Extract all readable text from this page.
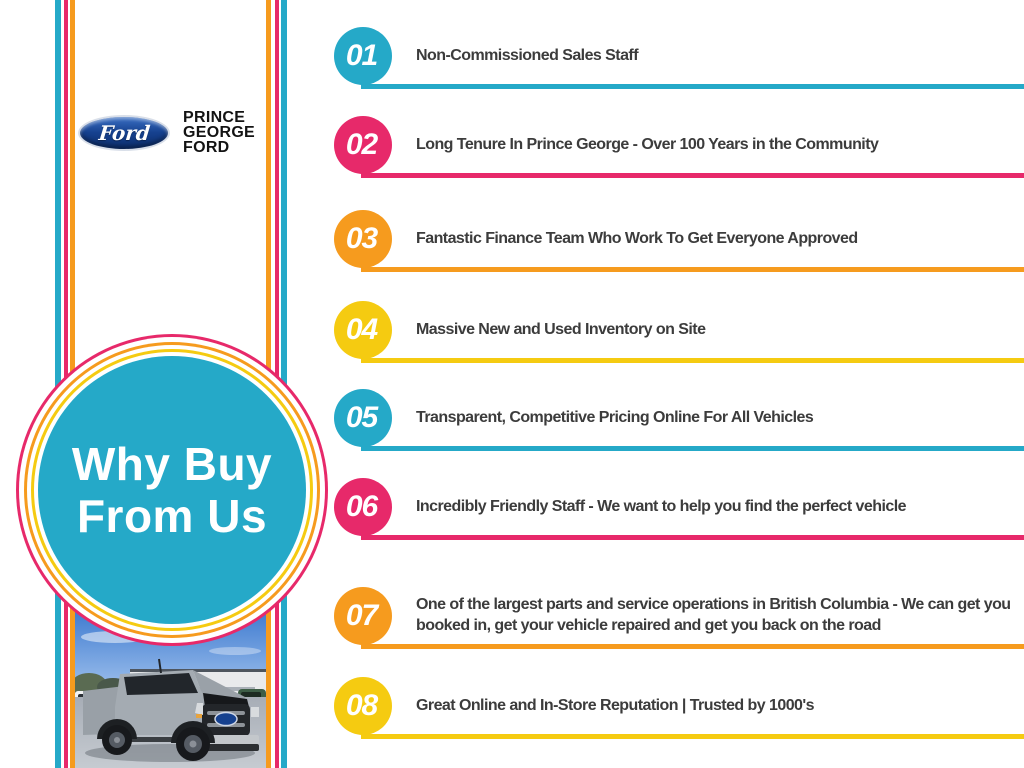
Ford
PRINCE
GEORGE
FORD
Why Buy
From Us
01 Non-Commissioned Sales Staff
02 Long Tenure In Prince George - Over 100 Years in the Community
03 Fantastic Finance Team Who Work To Get Everyone Approved
04 Massive New and Used Inventory on Site
05 Transparent, Competitive Pricing Online For All Vehicles
06 Incredibly Friendly Staff - We want to help you find the perfect vehicle
07 One of the largest parts and service operations in British Columbia - We can get you booked in, get your vehicle repaired and get you back on the road
08 Great Online and In-Store Reputation | Trusted by 1000's
